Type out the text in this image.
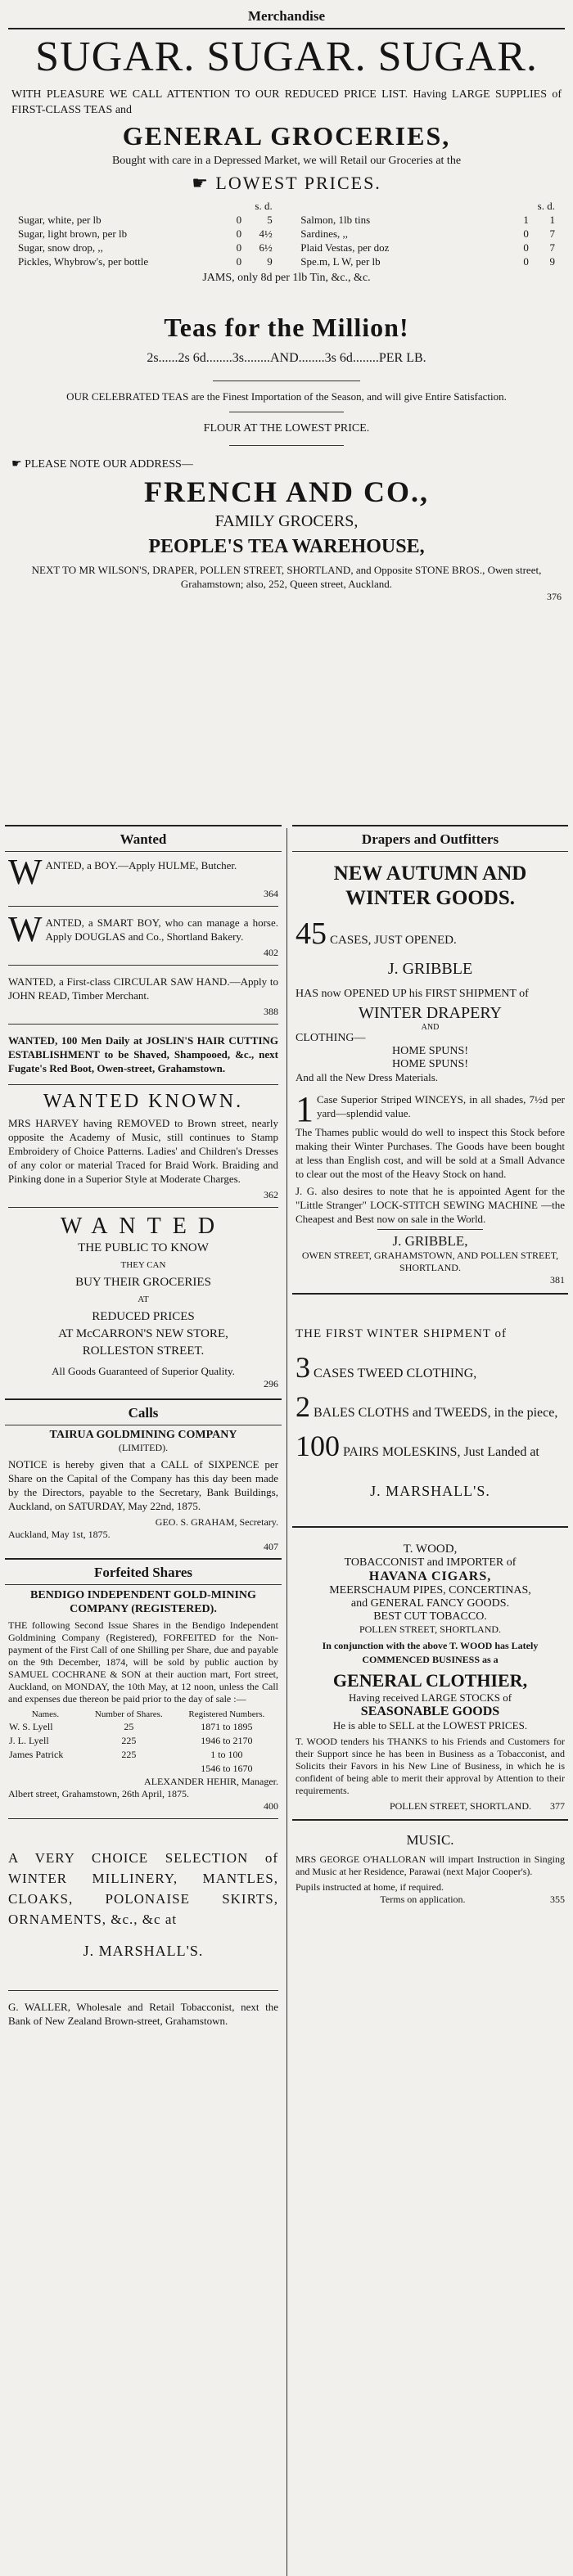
Merchandise
SUGAR. SUGAR. SUGAR.

WITH PLEASURE WE CALL ATTENTION TO OUR REDUCED PRICE LIST. Having LARGE SUPPLIES of FIRST-CLASS TEAS and

GENERAL GROCERIES,
Bought with care in a Depressed Market, we will Retail our Groceries at the
☛ LOWEST PRICES.
	s. d.	
Sugar, white, per lb	0	5
Sugar, light brown, per lb	0	4½
Sugar, snow drop, ,,	0	6½
Pickles, Whybrow's, per bottle	0	9
	s. d.	
Salmon, 1lb tins	1	1
Sardines, ,,	0	7
Plaid Vestas, per doz	0	7
Spe.m, L W, per lb	0	9
JAMS, only 8d per 1lb Tin, &c., &c.
Teas for the Million!
2s......2s 6d........3s........AND........3s 6d........PER LB.
OUR CELEBRATED TEAS are the Finest Importation of the Season, and will give Entire Satisfaction.
FLOUR AT THE LOWEST PRICE.
☛ PLEASE NOTE OUR ADDRESS—
FRENCH AND CO.,
FAMILY GROCERS,
PEOPLE'S TEA WAREHOUSE,
NEXT TO MR WILSON'S, DRAPER, POLLEN STREET, SHORTLAND, and Opposite STONE BROS., Owen street, Grahamstown; also, 252, Queen street, Auckland.
376
Wanted
W ANTED, a BOY.—Apply HULME, Butcher.

364
W ANTED, a SMART BOY, who can manage a horse. Apply DOUGLAS and Co., Shortland Bakery.

402

WANTED, a First-class CIRCULAR SAW HAND.—Apply to JOHN READ, Timber Merchant.

388

WANTED, 100 Men Daily at JOSLIN'S HAIR CUTTING ESTABLISHMENT to be Shaved, Shampooed, &c., next Fugate's Red Boot, Owen-street, Grahamstown.

WANTED KNOWN.

MRS HARVEY having REMOVED to Brown street, nearly opposite the Academy of Music, still continues to Stamp Embroidery of Choice Patterns. Ladies' and Children's Dresses of any color or material Traced for Braid Work. Braiding and Pinking done in a Superior Style at Moderate Charges.

362
WANTED
THE PUBLIC TO KNOW
THEY CAN
BUY THEIR GROCERIES
AT
REDUCED PRICES
AT McCARRON'S NEW STORE,
ROLLESTON STREET.
All Goods Guaranteed of Superior Quality.
296
Calls
TAIRUA GOLDMINING COMPANY
(LIMITED).

NOTICE is hereby given that a CALL of SIXPENCE per Share on the Capital of the Company has this day been made by the Directors, payable to the Secretary, Bank Buildings, Auckland, on SATURDAY, May 22nd, 1875.

GEO. S. GRAHAM, Secretary.
Auckland, May 1st, 1875.
407
Forfeited Shares
BENDIGO INDEPENDENT GOLD-MINING COMPANY (REGISTERED).

THE following Second Issue Shares in the Bendigo Independent Goldmining Company (Registered), FORFEITED for the Non-payment of the First Call of one Shilling per Share, due and payable on the 9th December, 1874, will be sold by public auction by SAMUEL COCHRANE & SON at their auction mart, Fort street, Auckland, on MONDAY, the 10th May, at 12 noon, unless the Call and expenses due thereon be paid prior to the day of sale :—

Names.	Number of Shares.	Registered Numbers.
W. S. Lyell	25	1871 to 1895
J. L. Lyell	225	1946 to 2170
James Patrick	225	1 to 100
		1546 to 1670
ALEXANDER HEHIR, Manager.
Albert street, Grahamstown, 26th April, 1875.
400

A VERY CHOICE SELECTION of WINTER MILLINERY, MANTLES, CLOAKS, POLONAISE SKIRTS, ORNAMENTS, &c., &c at

J. MARSHALL'S.

G. WALLER, Wholesale and Retail Tobacconist, next the Bank of New Zealand Brown-street, Grahamstown.

Drapers and Outfitters
NEW AUTUMN AND WINTER GOODS.
45 CASES, JUST OPENED.
J. GRIBBLE

HAS now OPENED UP his FIRST SHIPMENT of

WINTER DRAPERY
AND
CLOTHING—
HOME SPUNS!
HOME SPUNS!
And all the New Dress Materials.
1 Case Superior Striped WINCEYS, in all shades, 7½d per yard—splendid value.

The Thames public would do well to inspect this Stock before making their Winter Purchases. The Goods have been bought at less than English cost, and will be sold at a Small Advance to clear out the most of the Heavy Stock on hand.

J. G. also desires to note that he is appointed Agent for the "Little Stranger" LOCK-STITCH SEWING MACHINE —the Cheapest and Best now on sale in the World.

J. GRIBBLE,
OWEN STREET, GRAHAMSTOWN, AND POLLEN STREET, SHORTLAND.
381
THE FIRST WINTER SHIPMENT of
3 CASES TWEED CLOTHING,
2 BALES CLOTHS and TWEEDS, in the piece,
100 PAIRS MOLESKINS, Just Landed at
J. MARSHALL'S.
T. WOOD,
TOBACCONIST and IMPORTER of
HAVANA CIGARS,
MEERSCHAUM PIPES, CONCERTINAS,
and GENERAL FANCY GOODS.
BEST CUT TOBACCO.
POLLEN STREET, SHORTLAND.

In conjunction with the above T. WOOD has Lately COMMENCED BUSINESS as a

GENERAL CLOTHIER,
Having received LARGE STOCKS of
SEASONABLE GOODS
He is able to SELL at the LOWEST PRICES.

T. WOOD tenders his THANKS to his Friends and Customers for their Support since he has been in Business as a Tobacconist, and Solicits their Favors in his New Line of Business, in which he is confident of being able to merit their approval by Attention to their requirements.

POLLEN STREET, SHORTLAND. 377
MUSIC.

MRS GEORGE O'HALLORAN will impart Instruction in Singing and Music at her Residence, Parawai (next Major Cooper's).

Pupils instructed at home, if required.
Terms on application.	355
